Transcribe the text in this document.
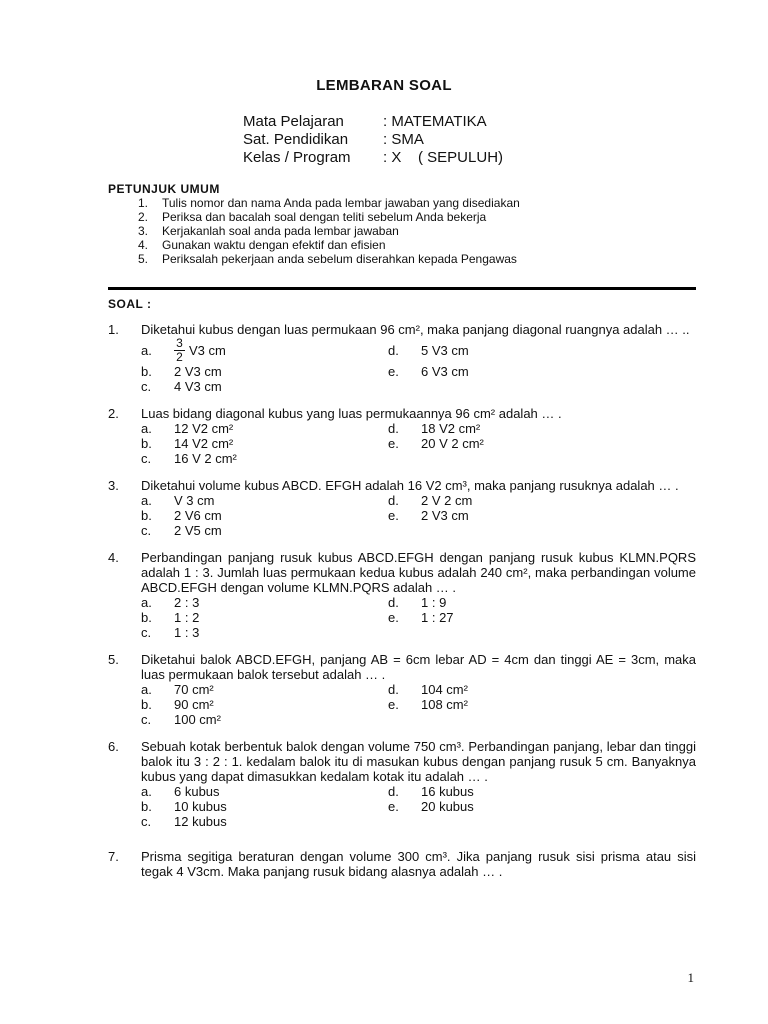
LEMBARAN SOAL
Mata Pelajaran	: MATEMATIKA
Sat. Pendidikan	: SMA
Kelas / Program	: X    ( SEPULUH)
PETUNJUK UMUM
1.	Tulis nomor dan nama Anda pada lembar jawaban yang disediakan
2.	Periksa dan bacalah soal dengan teliti sebelum Anda bekerja
3.	Kerjakanlah soal anda pada lembar jawaban
4.	Gunakan waktu dengan efektif dan efisien
5.	Periksalah pekerjaan anda sebelum diserahkan kepada Pengawas
SOAL :
1.	Diketahui kubus dengan luas permukaan 96 cm², maka panjang diagonal ruangnya adalah … ..
a.	$\frac{3}{2} V3$ cm	d.	5 V3 cm
b.	2 V3 cm	e.	6 V3 cm
c.	4 V3 cm
2.	Luas bidang diagonal kubus yang luas permukaannya 96 cm² adalah … .
a.	12 V2 cm²	d.	18 V2 cm²
b.	14 V2 cm²	e.	20 V 2 cm²
c.	16 V 2 cm²
3.	Diketahui volume kubus ABCD. EFGH adalah 16 V2 cm³, maka panjang rusuknya adalah … .
a.	V 3 cm	d.	2 V 2 cm
b.	2 V6 cm	e.	2 V3 cm
c.	2 V5 cm
4.	Perbandingan panjang rusuk kubus ABCD.EFGH dengan panjang rusuk kubus KLMN.PQRS adalah 1 : 3. Jumlah luas permukaan kedua kubus adalah 240 cm², maka perbandingan volume ABCD.EFGH dengan volume KLMN.PQRS adalah … .
a.	2 : 3	d.	1 : 9
b.	1 : 2	e.	1 : 27
c.	1 : 3
5.	Diketahui balok ABCD.EFGH, panjang AB = 6cm lebar AD = 4cm dan tinggi AE = 3cm, maka luas permukaan balok tersebut adalah … .
a.	70 cm²	d.	104 cm²
b.	90 cm²	e.	108 cm²
c.	100 cm²
6.	Sebuah kotak berbentuk balok dengan volume 750 cm³. Perbandingan panjang, lebar dan tinggi balok itu 3 : 2 : 1. kedalam balok itu di masukan kubus dengan panjang rusuk 5 cm. Banyaknya kubus yang dapat dimasukkan kedalam kotak itu adalah … .
a.	6 kubus	d.	16 kubus
b.	10 kubus	e.	20 kubus
c.	12 kubus
7.	Prisma segitiga beraturan dengan volume 300 cm³. Jika panjang rusuk sisi prisma atau sisi tegak 4 V3cm. Maka panjang rusuk bidang alasnya adalah … .
1
